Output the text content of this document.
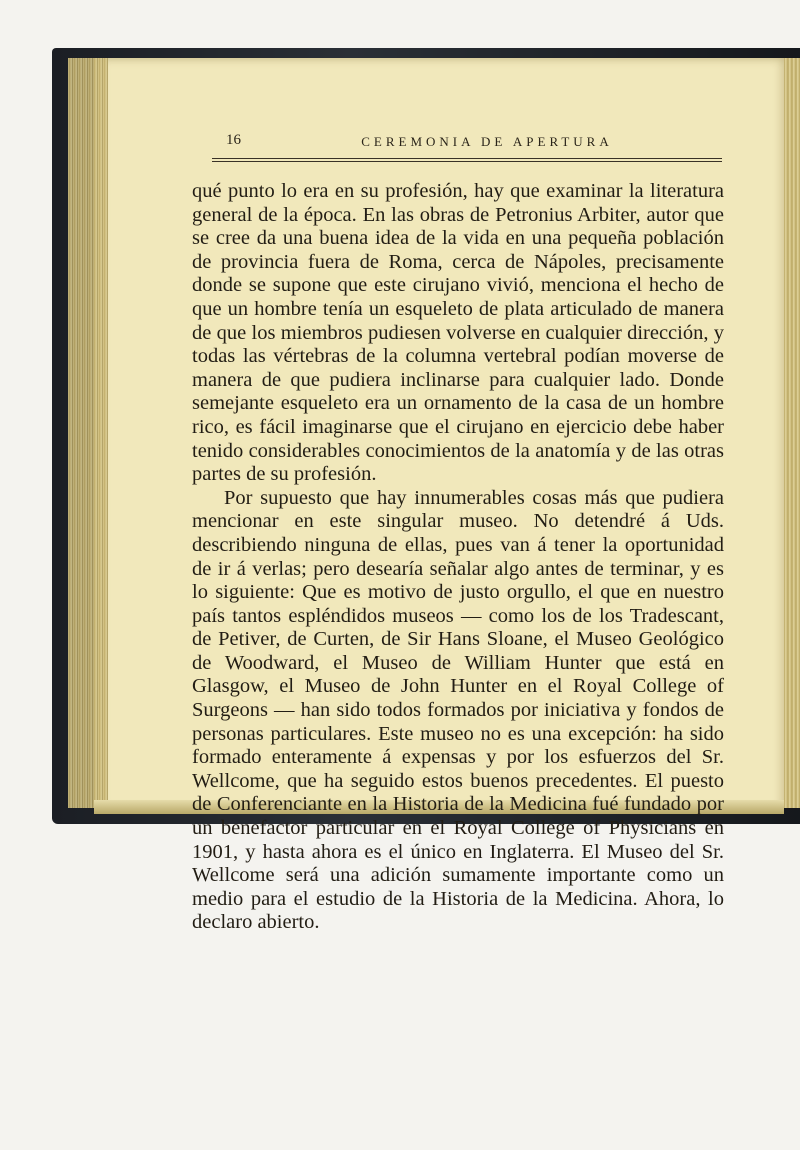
16	CEREMONIA DE APERTURA

qué punto lo era en su profesión, hay que examinar la literatura general de la época. En las obras de Petronius Arbiter, autor que se cree da una buena idea de la vida en una pequeña población de provincia fuera de Roma, cerca de Nápoles, precisamente donde se supone que este cirujano vivió, menciona el hecho de que un hombre tenía un esqueleto de plata articulado de manera de que los miembros pudiesen volverse en cualquier dirección, y todas las vértebras de la columna vertebral podían moverse de manera de que pudiera inclinarse para cualquier lado. Donde semejante esqueleto era un ornamento de la casa de un hombre rico, es fácil imaginarse que el cirujano en ejercicio debe haber tenido considerables conocimientos de la anatomía y de las otras partes de su profesión.

Por supuesto que hay innumerables cosas más que pudiera mencionar en este singular museo. No detendré á Uds. describiendo ninguna de ellas, pues van á tener la oportunidad de ir á verlas; pero desearía señalar algo antes de terminar, y es lo siguiente: Que es motivo de justo orgullo, el que en nuestro país tantos espléndidos museos — como los de los Tradescant, de Petiver, de Curten, de Sir Hans Sloane, el Museo Geológico de Woodward, el Museo de William Hunter que está en Glasgow, el Museo de John Hunter en el Royal College of Surgeons — han sido todos formados por iniciativa y fondos de personas particulares. Este museo no es una excepción: ha sido formado enteramente á expensas y por los esfuerzos del Sr. Wellcome, que ha seguido estos buenos precedentes. El puesto de Conferenciante en la Historia de la Medicina fué fundado por un benefactor particular en el Royal College of Physicians en 1901, y hasta ahora es el único en Inglaterra. El Museo del Sr. Wellcome será una adición sumamente importante como un medio para el estudio de la Historia de la Medicina. Ahora, lo declaro abierto.
